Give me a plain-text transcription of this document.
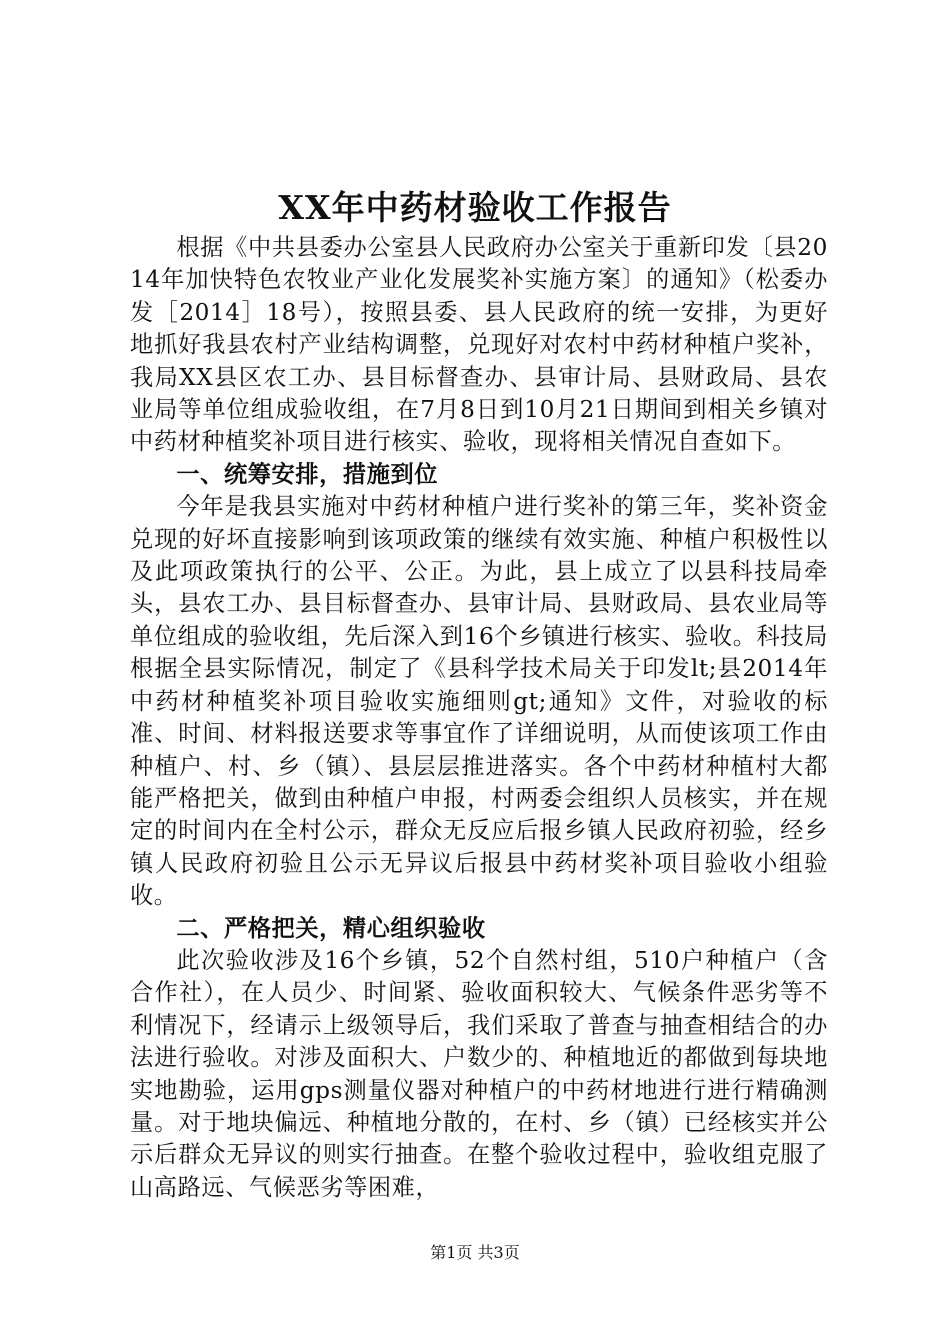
XX年中药材验收工作报告

根据《中共县委办公室县人民政府办公室关于重新印发〔县2014年加快特色农牧业产业化发展奖补实施方案〕的通知》（松委办发［2014］18号），按照县委、县人民政府的统一安排，为更好地抓好我县农村产业结构调整，兑现好对农村中药材种植户奖补，我局XX县区农工办、县目标督查办、县审计局、县财政局、县农业局等单位组成验收组，在7月8日到10月21日期间到相关乡镇对中药材种植奖补项目进行核实、验收，现将相关情况自查如下。

一、统筹安排，措施到位

今年是我县实施对中药材种植户进行奖补的第三年，奖补资金兑现的好坏直接影响到该项政策的继续有效实施、种植户积极性以及此项政策执行的公平、公正。为此，县上成立了以县科技局牵头，县农工办、县目标督查办、县审计局、县财政局、县农业局等单位组成的验收组，先后深入到16个乡镇进行核实、验收。科技局根据全县实际情况，制定了《县科学技术局关于印发lt;县2014年中药材种植奖补项目验收实施细则gt;通知》文件，对验收的标准、时间、材料报送要求等事宜作了详细说明，从而使该项工作由种植户、村、乡（镇）、县层层推进落实。各个中药材种植村大都能严格把关，做到由种植户申报，村两委会组织人员核实，并在规定的时间内在全村公示，群众无反应后报乡镇人民政府初验，经乡镇人民政府初验且公示无异议后报县中药材奖补项目验收小组验收。

二、严格把关，精心组织验收

此次验收涉及16个乡镇，52个自然村组，510户种植户（含合作社），在人员少、时间紧、验收面积较大、气候条件恶劣等不利情况下，经请示上级领导后，我们采取了普查与抽查相结合的办法进行验收。对涉及面积大、户数少的、种植地近的都做到每块地实地勘验，运用gps测量仪器对种植户的中药材地进行进行精确测量。对于地块偏远、种植地分散的，在村、乡（镇）已经核实并公示后群众无异议的则实行抽查。在整个验收过程中，验收组克服了山高路远、气候恶劣等困难，

第1页 共3页
